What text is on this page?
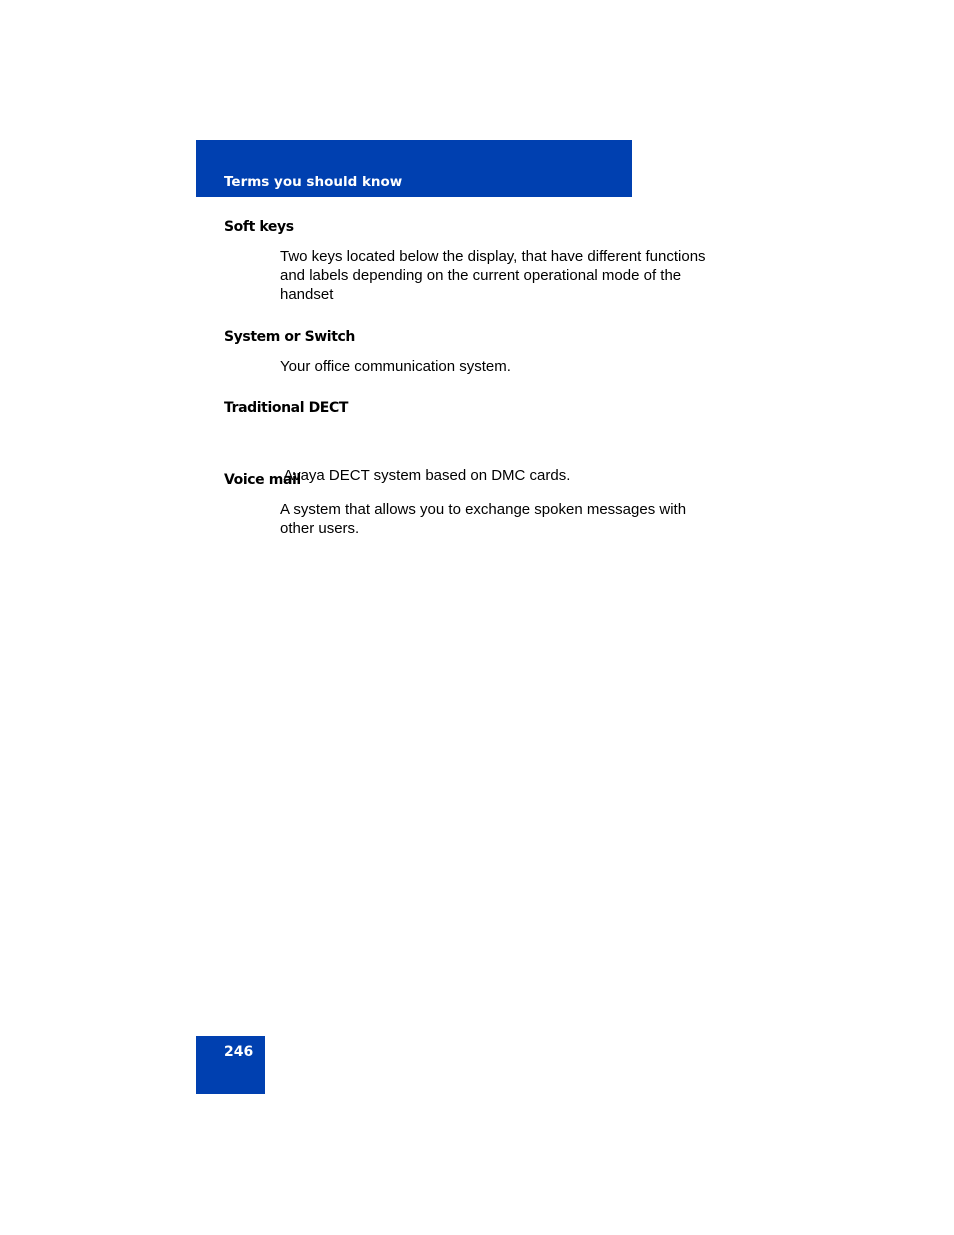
Terms you should know
Soft keys
Two keys located below the display, that have different functions
and labels depending on the current operational mode of the
handset
System or Switch
Your office communication system.
Traditional DECT

Avaya DECT system based on DMC cards.

Voice mail
A system that allows you to exchange spoken messages with
other users.
246
